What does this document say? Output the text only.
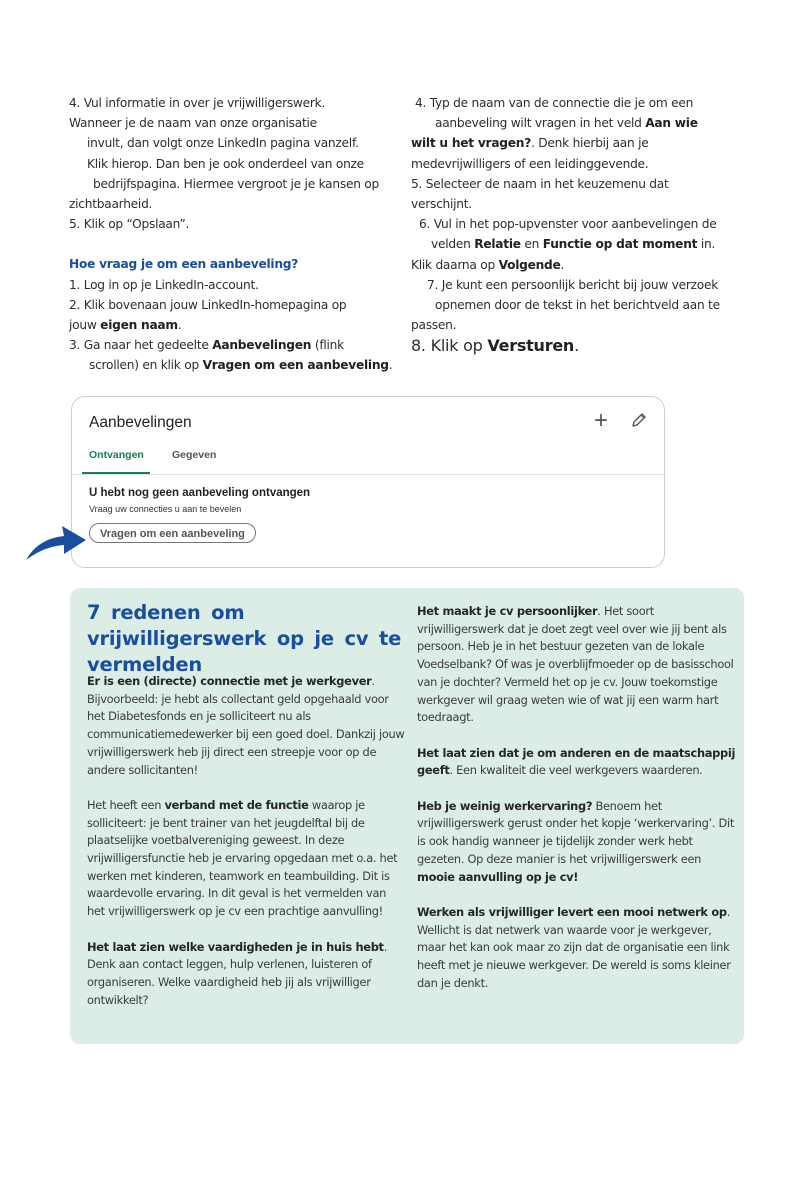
4. Vul informatie in over je vrijwilligerswerk.

Wanneer je de naam van onze organisatie

invult, dan volgt onze LinkedIn pagina vanzelf.

Klik hierop. Dan ben je ook onderdeel van onze

bedrijfspagina. Hiermee vergroot je je kansen op

zichtbaarheid.

5. Klik op “Opslaan”.

Hoe vraag je om een aanbeveling?

1. Log in op je LinkedIn-account.

2. Klik bovenaan jouw LinkedIn-homepagina op

jouw eigen naam.

3. Ga naar het gedeelte Aanbevelingen (flink

scrollen) en klik op Vragen om een aanbeveling.

4. Typ de naam van de connectie die je om een

aanbeveling wilt vragen in het veld Aan wie

wilt u het vragen?. Denk hierbij aan je

medevrijwilligers of een leidinggevende.

5. Selecteer de naam in het keuzemenu dat

verschijnt.

6. Vul in het pop-upvenster voor aanbevelingen de

velden Relatie en Functie op dat moment in.

Klik daarna op Volgende.

7. Je kunt een persoonlijk bericht bij jouw verzoek

opnemen door de tekst in het berichtveld aan te

passen.

8. Klik op Versturen.

Aanbevelingen	+
Ontvangen	Gegeven
U hebt nog geen aanbeveling ontvangen
Vraag uw connecties u aan te bevelen
Vragen om een aanbeveling
7 redenen om vrijwilligerswerk op je cv te vermelden

Er is een (directe) connectie met je werkgever. Bijvoorbeeld: je hebt als collectant geld opgehaald voor het Diabetesfonds en je solliciteert nu als communicatiemedewerker bij een goed doel. Dankzij jouw vrijwilligerswerk heb jij direct een streepje voor op de andere sollicitanten!

Het heeft een verband met de functie waarop je solliciteert: je bent trainer van het jeugdelftal bij de plaatselijke voetbalvereniging geweest. In deze vrijwilligersfunctie heb je ervaring opgedaan met o.a. het werken met kinderen, teamwork en teambuilding. Dit is waardevolle ervaring. In dit geval is het vermelden van het vrijwilligerswerk op je cv een prachtige aanvulling!

Het laat zien welke vaardigheden je in huis hebt. Denk aan contact leggen, hulp verlenen, luisteren of organiseren. Welke vaardigheid heb jij als vrijwilliger ontwikkelt?

Het maakt je cv persoonlijker. Het soort vrijwilligerswerk dat je doet zegt veel over wie jij bent als persoon. Heb je in het bestuur gezeten van de lokale Voedselbank? Of was je overblijfmoeder op de basisschool van je dochter? Vermeld het op je cv. Jouw toekomstige werkgever wil graag weten wie of wat jij een warm hart toedraagt.

Het laat zien dat je om anderen en de maatschappij geeft. Een kwaliteit die veel werkgevers waarderen.

Heb je weinig werkervaring? Benoem het vrijwilligerswerk gerust onder het kopje ‘werkervaring’. Dit is ook handig wanneer je tijdelijk zonder werk hebt gezeten. Op deze manier is het vrijwilligerswerk een mooie aanvulling op je cv!

Werken als vrijwilliger levert een mooi netwerk op. Wellicht is dat netwerk van waarde voor je werkgever, maar het kan ook maar zo zijn dat de organisatie een link heeft met je nieuwe werkgever. De wereld is soms kleiner dan je denkt.
